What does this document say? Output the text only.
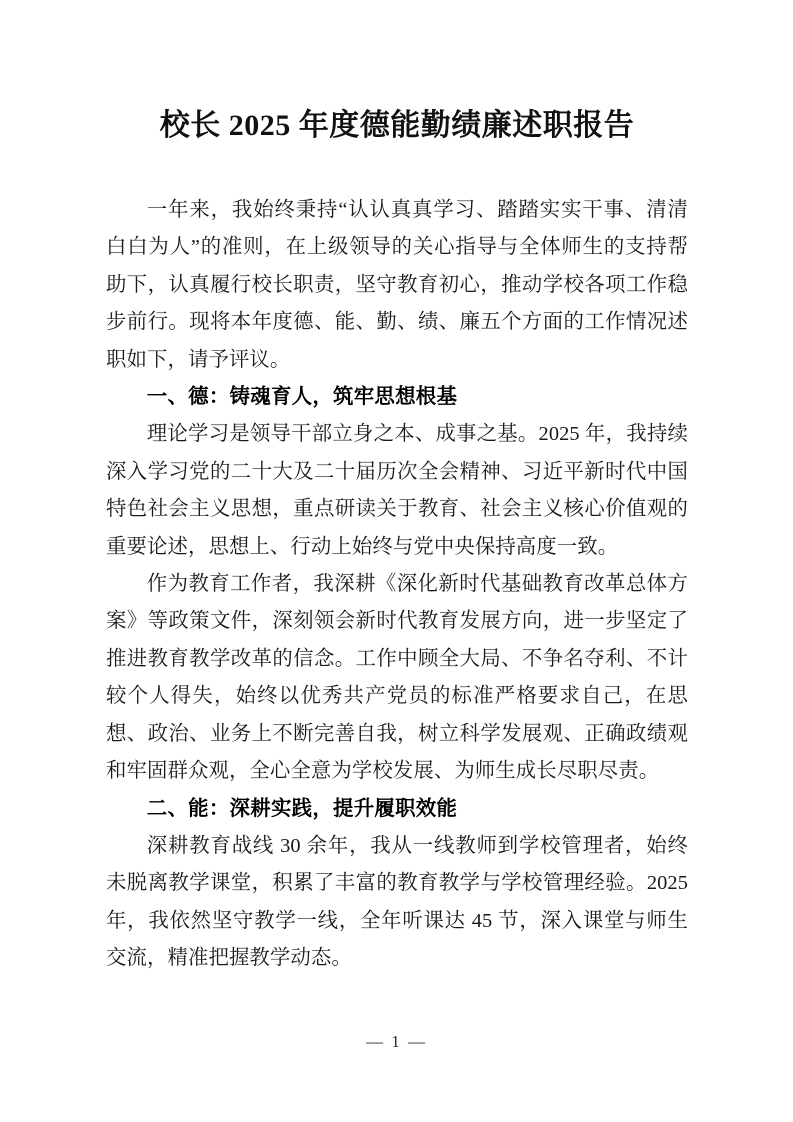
校长 2025 年度德能勤绩廉述职报告

一年来，我始终秉持“认认真真学习、踏踏实实干事、清清白白为人”的准则，在上级领导的关心指导与全体师生的支持帮助下，认真履行校长职责，坚守教育初心，推动学校各项工作稳步前行。现将本年度德、能、勤、绩、廉五个方面的工作情况述职如下，请予评议。

一、德：铸魂育人，筑牢思想根基

理论学习是领导干部立身之本、成事之基。2025 年，我持续深入学习党的二十大及二十届历次全会精神、习近平新时代中国特色社会主义思想，重点研读关于教育、社会主义核心价值观的重要论述，思想上、行动上始终与党中央保持高度一致。

作为教育工作者，我深耕《深化新时代基础教育改革总体方案》等政策文件，深刻领会新时代教育发展方向，进一步坚定了推进教育教学改革的信念。工作中顾全大局、不争名夺利、不计较个人得失，始终以优秀共产党员的标准严格要求自己，在思想、政治、业务上不断完善自我，树立科学发展观、正确政绩观和牢固群众观，全心全意为学校发展、为师生成长尽职尽责。

二、能：深耕实践，提升履职效能

深耕教育战线 30 余年，我从一线教师到学校管理者，始终未脱离教学课堂，积累了丰富的教育教学与学校管理经验。2025 年，我依然坚守教学一线，全年听课达 45 节，深入课堂与师生交流，精准把握教学动态。

— 1 —
